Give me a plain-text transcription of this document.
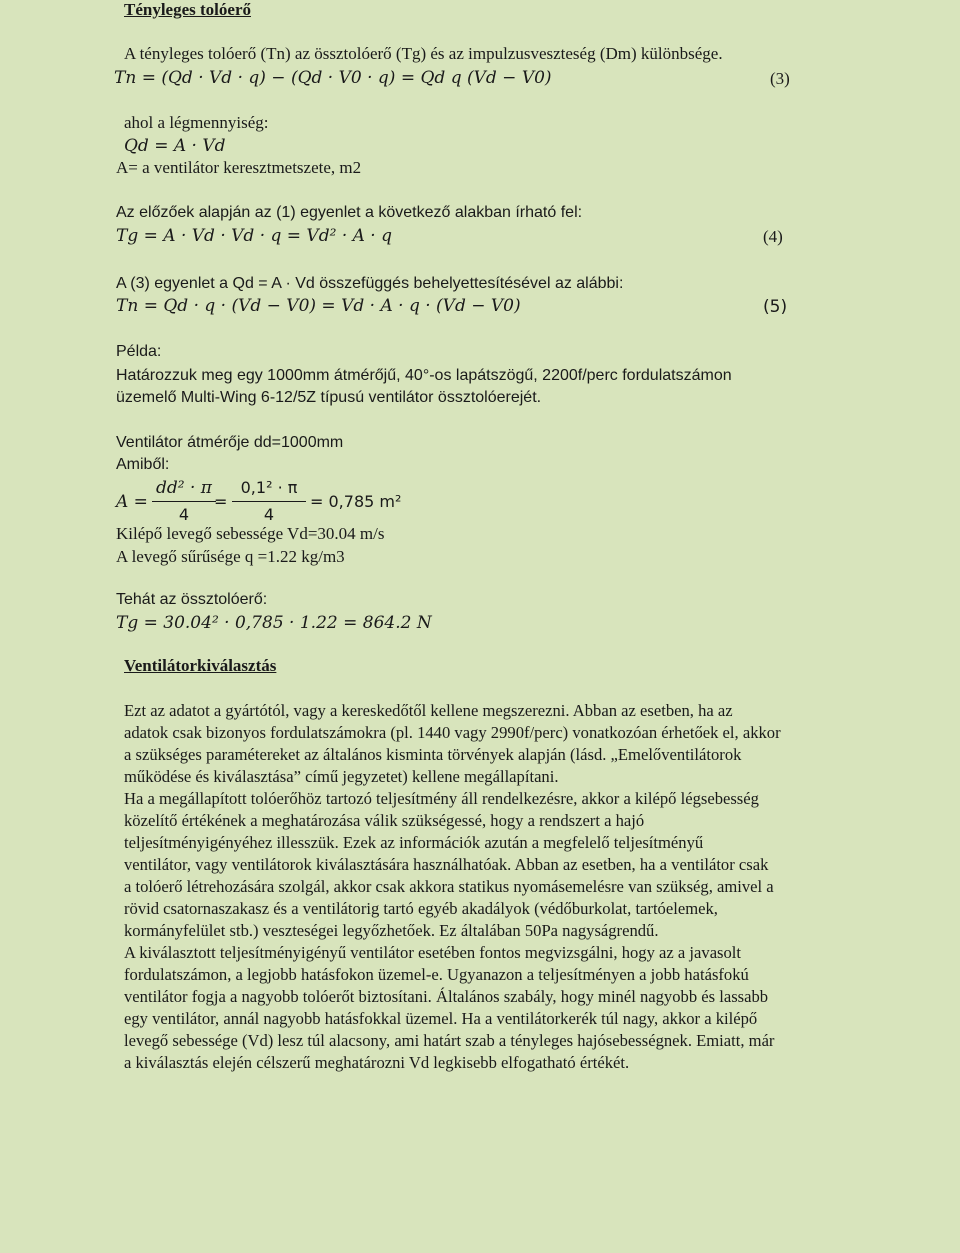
Tényleges tolóerő
A tényleges tolóerő (Tn) az össztolóerő (Tg) és az impulzusveszteség (Dm) különbsége.
Tn = (Qd · Vd · q) − (Qd · V0 · q) = Qd q (Vd − V0)	(3)
ahol a légmennyiség:
Qd = A · Vd
A= a ventilátor keresztmetszete, m2
Az előzőek alapján az (1) egyenlet a következő alakban írható fel:
Tg = A · Vd · Vd · q = Vd² · A · q	(4)
A (3) egyenlet a Qd = A · Vd összefüggés behelyettesítésével az alábbi:
Tn = Qd · q · (Vd − V0) = Vd · A · q · (Vd − V0)	(5)
Példa:
Határozzuk meg egy 1000mm átmérőjű, 40°-os lapátszögű, 2200f/perc fordulatszámon
üzemelő Multi-Wing 6-12/5Z típusú ventilátor össztolóerejét.
Ventilátor átmérője dd=1000mm
Amiből:
A =
dd² · π
4
=
0,1² · π
4
= 0,785 m²
Kilépő levegő sebessége Vd=30.04 m/s
A levegő sűrűsége q =1.22 kg/m3
Tehát az össztolóerő:
Tg = 30.04² · 0,785 · 1.22 = 864.2 N
Ventilátorkiválasztás
Ezt az adatot a gyártótól, vagy a kereskedőtől kellene megszerezni. Abban az esetben, ha az
adatok csak bizonyos fordulatszámokra (pl. 1440 vagy 2990f/perc) vonatkozóan érhetőek el, akkor
a szükséges paramétereket az általános kisminta törvények alapján (lásd. „Emelőventilátorok
működése és kiválasztása” című jegyzetet) kellene megállapítani.
Ha a megállapított tolóerőhöz tartozó teljesítmény áll rendelkezésre, akkor a kilépő légsebesség
közelítő értékének a meghatározása válik szükségessé, hogy a rendszert a hajó
teljesítményigényéhez illesszük. Ezek az információk azután a megfelelő teljesítményű
ventilátor, vagy ventilátorok kiválasztására használhatóak. Abban az esetben, ha a ventilátor csak
a tolóerő létrehozására szolgál, akkor csak akkora statikus nyomásemelésre van szükség, amivel a
rövid csatornaszakasz és a ventilátorig tartó egyéb akadályok (védőburkolat, tartóelemek,
kormányfelület stb.) veszteségei legyőzhetőek. Ez általában 50Pa nagyságrendű.
A kiválasztott teljesítményigényű ventilátor esetében fontos megvizsgálni, hogy az a javasolt
fordulatszámon, a legjobb hatásfokon üzemel-e. Ugyanazon a teljesítményen a jobb hatásfokú
ventilátor fogja a nagyobb tolóerőt biztosítani. Általános szabály, hogy minél nagyobb és lassabb
egy ventilátor, annál nagyobb hatásfokkal üzemel. Ha a ventilátorkerék túl nagy, akkor a kilépő
levegő sebessége (Vd) lesz túl alacsony, ami határt szab a tényleges hajósebességnek. Emiatt, már
a kiválasztás elején célszerű meghatározni Vd legkisebb elfogatható értékét.
